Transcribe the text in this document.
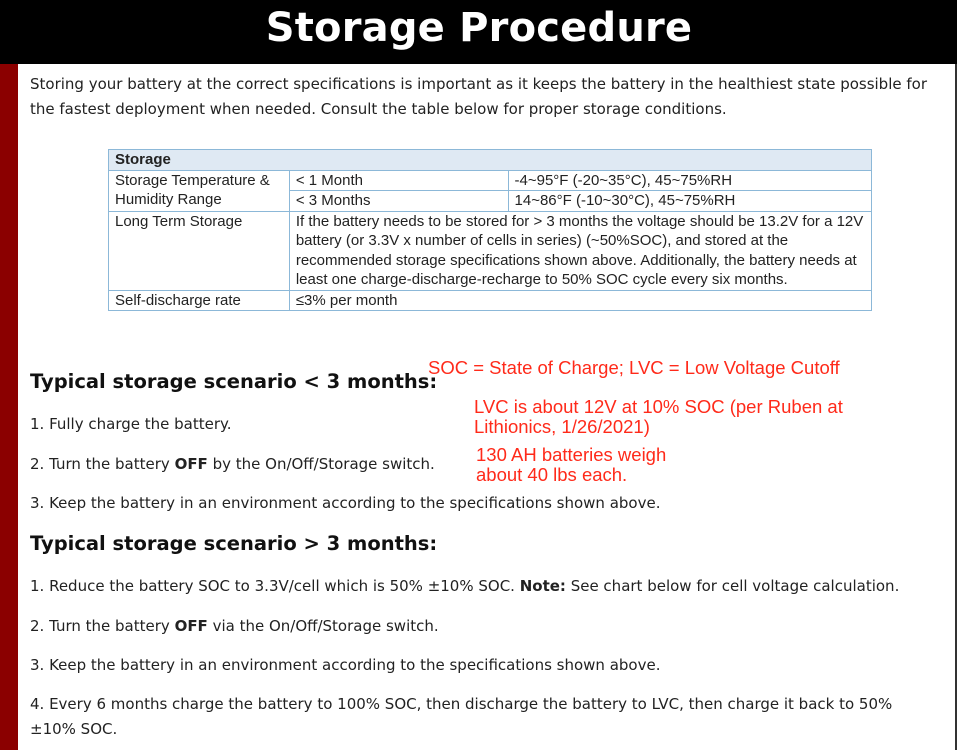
Storage Procedure
Storing your battery at the correct specifications is important as it keeps the battery in the healthiest state possible for the fastest deployment when needed. Consult the table below for proper storage conditions.
Storage		
Storage Temperature & Humidity Range	< 1 Month	-4~95°F (-20~35°C), 45~75%RH
	< 3 Months	14~86°F (-10~30°C), 45~75%RH
Long Term Storage	If the battery needs to be stored for > 3 months the voltage should be 13.2V for a 12V battery (or 3.3V x number of cells in series) (~50%SOC), and stored at the recommended storage specifications shown above. Additionally, the battery needs at least one charge-discharge-recharge to 50% SOC cycle every six months.	
Self-discharge rate	≤3% per month	
SOC = State of Charge; LVC = Low Voltage Cutoff
LVC is about 12V at 10% SOC (per Ruben at Lithionics, 1/26/2021)
130 AH batteries weigh about 40 lbs each.
Typical storage scenario < 3 months:
1. Fully charge the battery.
2. Turn the battery OFF by the On/Off/Storage switch.
3. Keep the battery in an environment according to the specifications shown above.
Typical storage scenario > 3 months:
1. Reduce the battery SOC to 3.3V/cell which is 50% ±10% SOC. Note: See chart below for cell voltage calculation.
2. Turn the battery OFF via the On/Off/Storage switch.
3. Keep the battery in an environment according to the specifications shown above.
4. Every 6 months charge the battery to 100% SOC, then discharge the battery to LVC, then charge it back to 50% ±10% SOC.
